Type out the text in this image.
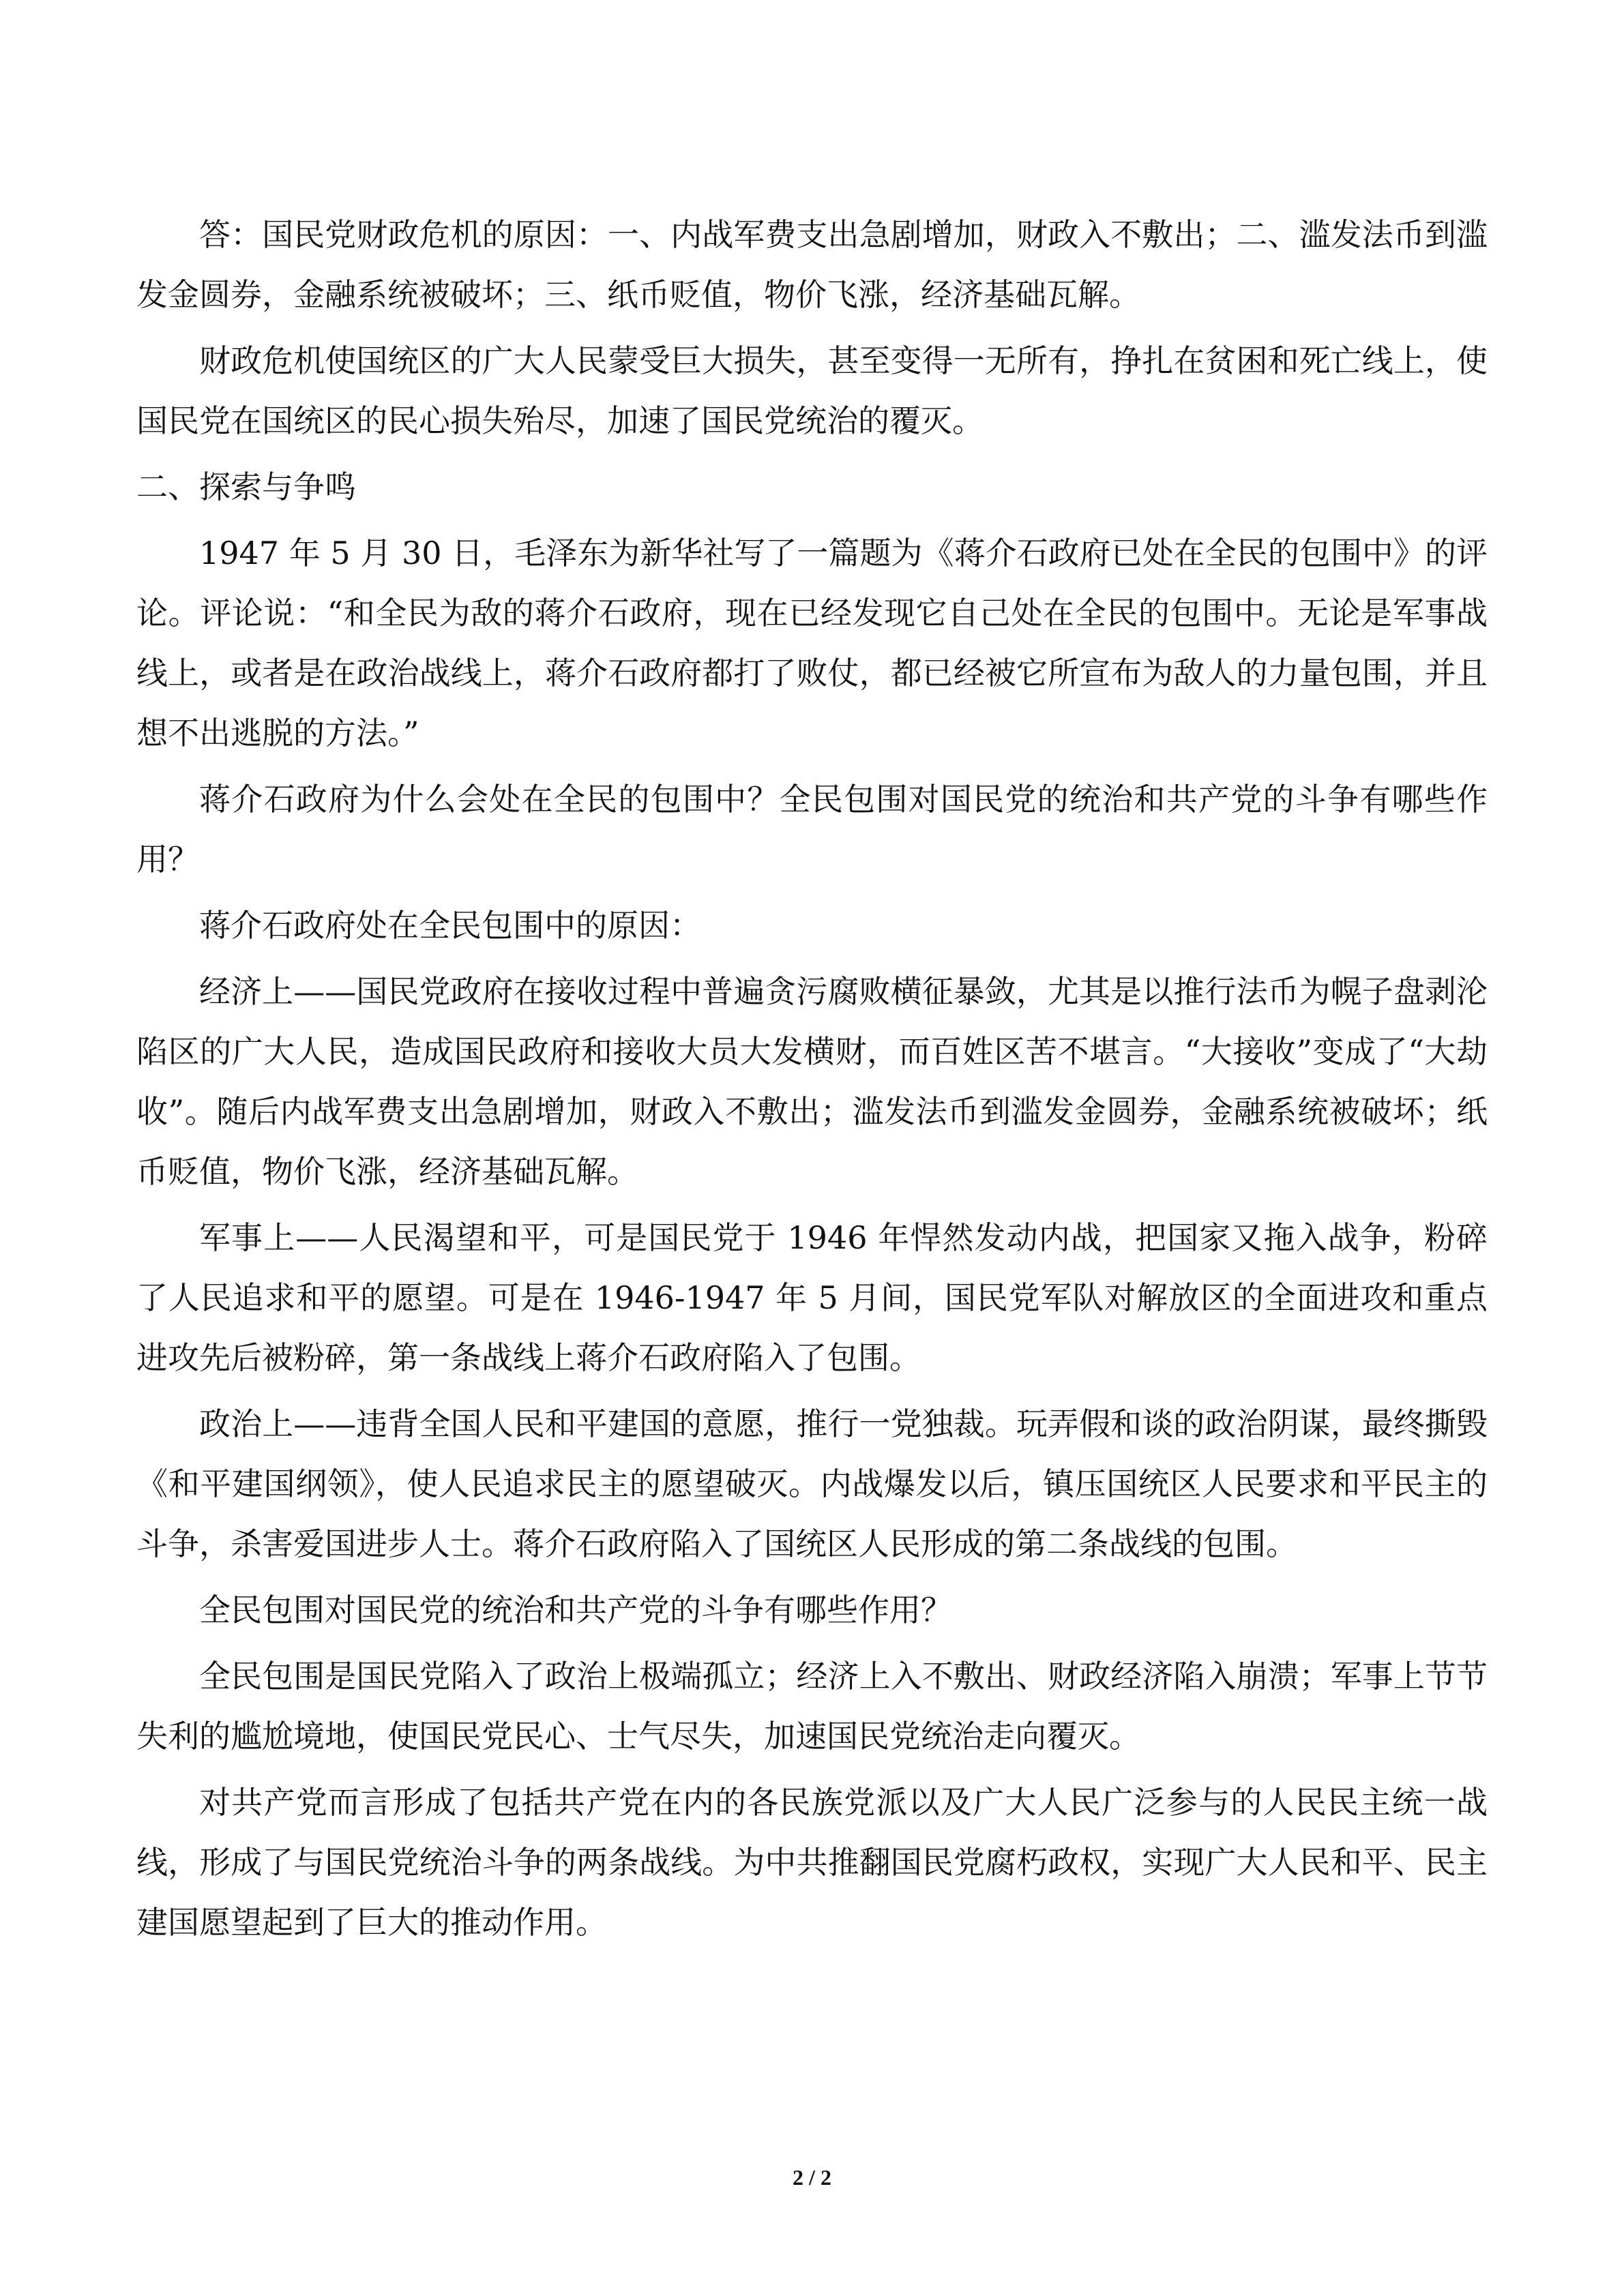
答：国民党财政危机的原因：一、内战军费支出急剧增加，财政入不敷出；二、滥发法币到滥发金圆券，金融系统被破坏；三、纸币贬值，物价飞涨，经济基础瓦解。

财政危机使国统区的广大人民蒙受巨大损失，甚至变得一无所有，挣扎在贫困和死亡线上，使国民党在国统区的民心损失殆尽，加速了国民党统治的覆灭。

二、探索与争鸣

1947 年 5 月 30 日，毛泽东为新华社写了一篇题为《蒋介石政府已处在全民的包围中》的评论。评论说：“和全民为敌的蒋介石政府，现在已经发现它自己处在全民的包围中。无论是军事战线上，或者是在政治战线上，蒋介石政府都打了败仗，都已经被它所宣布为敌人的力量包围，并且想不出逃脱的方法。”

蒋介石政府为什么会处在全民的包围中？全民包围对国民党的统治和共产党的斗争有哪些作用？

蒋介石政府处在全民包围中的原因：

经济上——国民党政府在接收过程中普遍贪污腐败横征暴敛，尤其是以推行法币为幌子盘剥沦陷区的广大人民，造成国民政府和接收大员大发横财，而百姓区苦不堪言。“大接收”变成了“大劫收”。随后内战军费支出急剧增加，财政入不敷出；滥发法币到滥发金圆券，金融系统被破坏；纸币贬值，物价飞涨，经济基础瓦解。

军事上——人民渴望和平，可是国民党于 1946 年悍然发动内战，把国家又拖入战争，粉碎了人民追求和平的愿望。可是在 1946-1947 年 5 月间，国民党军队对解放区的全面进攻和重点进攻先后被粉碎，第一条战线上蒋介石政府陷入了包围。

政治上——违背全国人民和平建国的意愿，推行一党独裁。玩弄假和谈的政治阴谋，最终撕毁《和平建国纲领》，使人民追求民主的愿望破灭。内战爆发以后，镇压国统区人民要求和平民主的斗争，杀害爱国进步人士。蒋介石政府陷入了国统区人民形成的第二条战线的包围。

全民包围对国民党的统治和共产党的斗争有哪些作用？

全民包围是国民党陷入了政治上极端孤立；经济上入不敷出、财政经济陷入崩溃；军事上节节失利的尴尬境地，使国民党民心、士气尽失，加速国民党统治走向覆灭。

对共产党而言形成了包括共产党在内的各民族党派以及广大人民广泛参与的人民民主统一战线，形成了与国民党统治斗争的两条战线。为中共推翻国民党腐朽政权，实现广大人民和平、民主建国愿望起到了巨大的推动作用。

2 / 2
